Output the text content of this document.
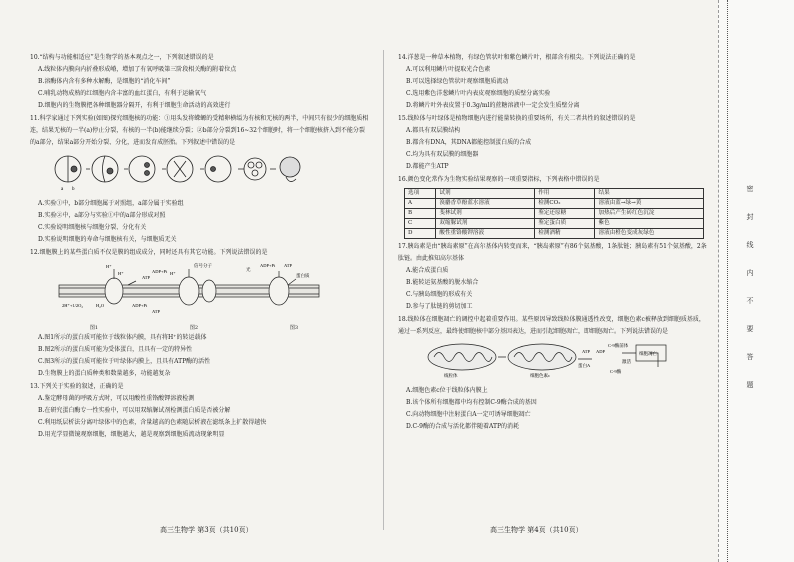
10.“结构与功能相适应”是生物学的基本观点之一，下列叙述错误的是

A.线粒体内膜向内折叠形成嵴，增加了有氧呼吸第三阶段相关酶的附着位点

B.溶酶体内含有多种水解酶，是细胞的“消化车间”

C.哺乳动物成熟的红细胞内含丰富的血红蛋白，有利于运输氧气

D.细胞内的生物膜把各种细胞器分隔开，有利于细胞生命活动的高效进行

11.科学家通过下列实验(如图)探究细胞核的功能：①用头发将蝾螈的受精卵横缢为有核和无核的两半，中间只有很少的细胞质相连，结果无核的一半(a)停止分裂，有核的一半(b)能继续分裂；②b部分分裂到16~32个细胞时，将一个细胞核挤入到不能分裂的a部分，结果a部分开始分裂、分化，进而发育成胚胎。下列叙述中错误的是

a b

A.实验①中，b部分细胞属于对照组，a部分属于实验组

B.实验②中，a部分与实验①中的a部分形成对照

C.实验说明细胞核与细胞分裂、分化有关

D.实验说明细胞的寿命与细胞核有关，与细胞质无关

12.细胞膜上的某些蛋白质不仅是膜的组成成分，同时还具有其它功能。下列说法错误的是

H⁺
H⁺
2H⁺+1/2O₂	H₂O	ADP+Pi
ATP
ATP
ADP+Pi H⁺
信号分子
光
蛋白质
ADP+Pi ATP
图1	图2	图3

A.图1所示的蛋白质可能位于线粒体内膜，具有将H⁺的转运载体

B.图2所示的蛋白质可能为受体蛋白，且具有一定的特异性

C.图3所示的蛋白质可能位于叶绿体内膜上，且具有ATP酶的活性

D.生物膜上的蛋白质种类和数量越多，功能越复杂

13.下列关于实验的叙述，正确的是

A.鉴定酵母菌的呼吸方式时，可以用酸性重铬酸钾溶液检测

B.在研究蛋白酶专一性实验中，可以用双缩脲试剂检测蛋白质是否被分解

C.利用纸层析法分离叶绿体中的色素，含量越高的色素随层析液在滤纸条上扩散得越快

D.用光学显微镜观察细胞，细胞越大，越是观察到细胞质流动现象明显

14.洋葱是一种草本植物，有绿色管状叶和紫色鳞片叶，根部含有根尖。下列说法正确的是

A.可以利用鳞片叶提取光合色素

B.可以选择绿色管状叶观察细胞质流动

C.选用紫色洋葱鳞片叶内表皮观察细胞的质壁分离实验

D.将鳞片叶外表皮置于0.3g/ml的蔗糖溶液中一定会发生质壁分离

15.线粒体与叶绿体是植物细胞内进行能量转换的重要场所，有关二者共性的叙述错误的是

A.都具有双层膜结构

B.都含有DNA，其DNA都能控制蛋白质的合成

C.均为具有双层膜的细胞器

D.都能产生ATP

16.颜色变化常作为生物实验结果观察的一项重要指标，下列表格中错误的是

选项	试剂	作用	结果
A	溴麝香草酚蓝水溶液	检测CO₂	溶液由蓝→绿→黄
B	斐林试剂	鉴定还原糖	加热后产生砖红色沉淀
C	双缩脲试剂	鉴定蛋白质	紫色
D	酸性重铬酸钾溶液	检测酒精	溶液由橙色变成灰绿色

17.胰岛素是由“胰岛素原”在高尔基体内转变而来，“胰岛素原”有86个氨基酸，1条肽链；胰岛素有51个氨基酸，2条肽链。由此推知高尔基体

A.能合成蛋白质

B.能转运氨基酸的脱水缩合

C.与胰岛细胞的形成有关

D.参与了肽链的剪切加工

18.线粒体在细胞凋亡的调控中起着重要作用。某些原因导致线粒体膜通透性改变，细胞色素c被释放到细胞质基质，通过一系列反应，最终使细胞核中部分基因表达，进而引起细胞凋亡，即细胞凋亡。下列说法错误的是

线粒体	细胞色素c
蛋白A
ATP ADP
C-9酶前体
激活
C-9酶
细胞凋亡

A.细胞色素c位于线粒体内膜上

B.该个体所有细胞都中均有控制C-9酶合成的基因

C.向动物细胞中注射蛋白A一定可诱导细胞凋亡

D.C-9酶的合成与活化都伴随着ATP的消耗

高三生物学 第3页（共10页）	高三生物学 第4页（共10页）
密
封
线
内
不
要
答
题
